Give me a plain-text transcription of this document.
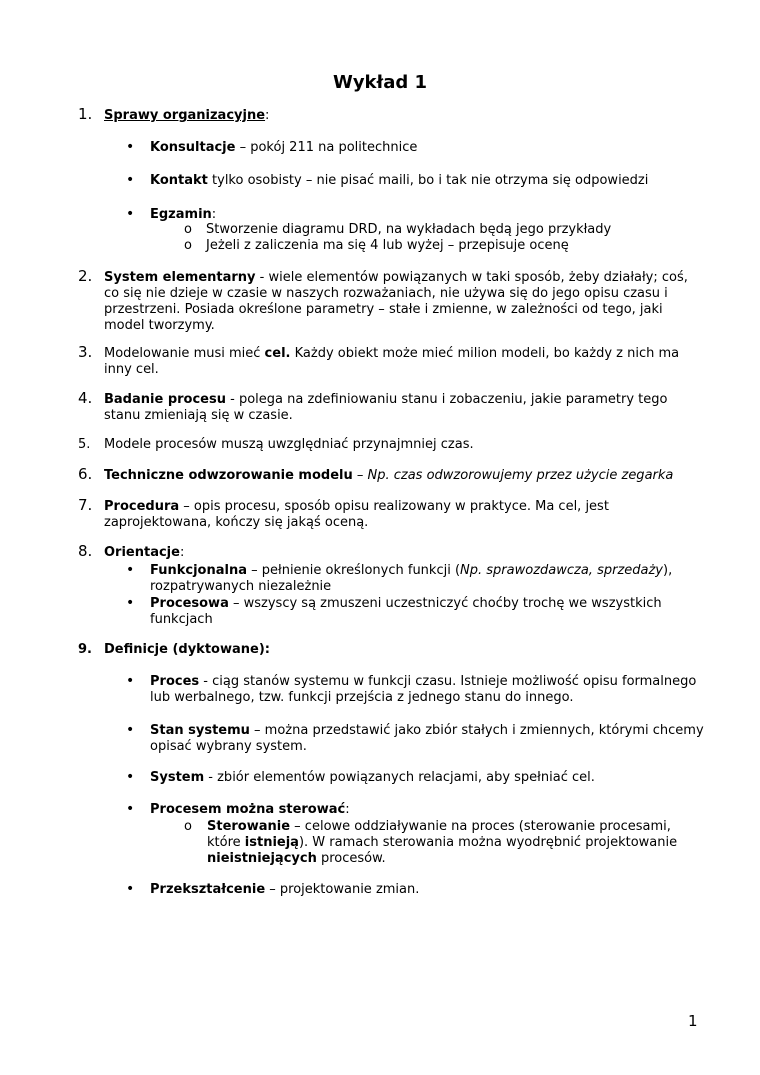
Wykład 1
1. Sprawy organizacyjne:
• Konsultacje – pokój 211 na politechnice
• Kontakt tylko osobisty – nie pisać maili, bo i tak nie otrzyma się odpowiedzi
• Egzamin:
o Stworzenie diagramu DRD, na wykładach będą jego przykłady
o Jeżeli z zaliczenia ma się 4 lub wyżej – przepisuje ocenę
2. System elementarny - wiele elementów powiązanych w taki sposób, żeby działały; coś, co się nie dzieje w czasie w naszych rozważaniach, nie używa się do jego opisu czasu i przestrzeni. Posiada określone parametry – stałe i zmienne, w zależności od tego, jaki model tworzymy.
3. Modelowanie musi mieć cel. Każdy obiekt może mieć milion modeli, bo każdy z nich ma inny cel.
4. Badanie procesu - polega na zdefiniowaniu stanu i zobaczeniu, jakie parametry tego stanu zmieniają się w czasie.
5.	Modele procesów muszą uwzględniać przynajmniej czas.
6. Techniczne odwzorowanie modelu – Np. czas odwzorowujemy przez użycie zegarka
7. Procedura – opis procesu, sposób opisu realizowany w praktyce. Ma cel, jest zaprojektowana, kończy się jakąś oceną.
8. Orientacje:
• Funkcjonalna – pełnienie określonych funkcji (Np. sprawozdawcza, sprzedaży), rozpatrywanych niezależnie
• Procesowa – wszyscy są zmuszeni uczestniczyć choćby trochę we wszystkich funkcjach
9. Definicje (dyktowane):
• Proces - ciąg stanów systemu w funkcji czasu. Istnieje możliwość opisu formalnego lub werbalnego, tzw. funkcji przejścia z jednego stanu do innego.
• Stan systemu – można przedstawić jako zbiór stałych i zmiennych, którymi chcemy opisać wybrany system.
• System - zbiór elementów powiązanych relacjami, aby spełniać cel.
• Procesem można sterować:
o Sterowanie – celowe oddziaływanie na proces (sterowanie procesami, które istnieją). W ramach sterowania można wyodrębnić projektowanie nieistniejących procesów.
• Przekształcenie – projektowanie zmian.
1
